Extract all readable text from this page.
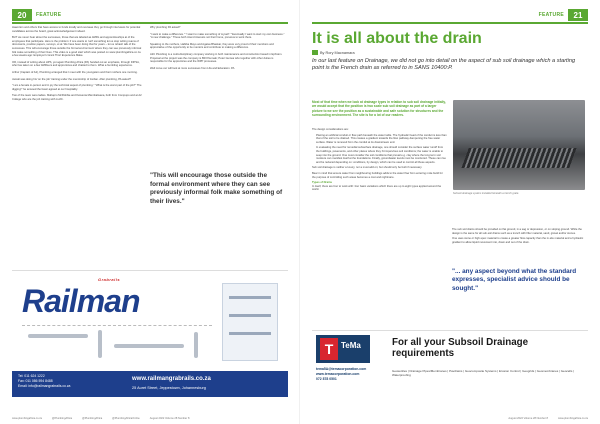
20	FEATURE

Haworton and others that have access to funds locally and overseas they go through interviews for potential candidates across the board, great acknowledgement indeed.

BUT we never hear about the successes, those that are labeled as AMRL and apprenticeships at of the employees that participate. Here is the problem: if one wants to 'sell' something let us stop writing reams of documents, position papers, surveys, et al. We have been doing that for years – let us rehash talk of the successes. This will encourage those outside the formal environment where they can see previously informal folk make something of their lives. This video is a good start which was posted on www.plumbingafrica.co.za a few weeks ago: Employer's Grant Thori Experience Make.

OR, instead of writing about HPS, yet again Plumbing Africa (PA) handed out an emphasis, through IOPSA, who has taken on a few AMRLers and apprentices and chatted to them. What a humbling experience.

Arthur (Captain of A2), Plumbing arranged that I meet with the youngsters and their mothers one morning.

Jamali was doing his 'on the job' training under the mentorship of Jordan. After plumbing, PA asked?

"I am a female in-person and in joy the technical aspect of plumbing." "What is the worst part of the job?" The digging!" he amused the basic agreed at our hospitality.

Two of the team were ladies. Mahapro McRobbie and Ketsenia Mtembalwana, both from Compupo and at A2 College who are the job training with LHJC.

Why plumbing PA asked?

"I want to make a difference." "I want to make something of myself." "Eventually I want to start my own business." "A new challenge." These both intend interests not their home, previous to work there.

Speaking to the mothers, Habiba Mayo and Agaisa Bhaskar, they were very proud of their members and appreciative of the opportunity to be mentors and contribute to making a difference.

A2C Plumbing is a multi-disciplinary company working in both maintenance and construction based in Ephraim. Proposal at the project was the company is Bill Khumalo; Peter Gunwa who together with other duties is responsible for the apprentices and the WPP processes.

Well move our will look at more successes from Lifa and Education. PA

"This will encourage those outside the formal environment where they can see previously informal folk make something of their lives."
Grabrails
Railman
Tel: 011 624 1222
Fax: 011 086 594 8488
Email: info@railmangrabrails.co.za
www.railmangrabrails.co.za
25 Auret Street, Jeppestown, Johannesburg
www.plumbingafrica.co.za	@PlumbingAfrica	@PlumbingAfrica	@PlumbingAfricaOnline	August 2022 Volume 28 Number 8
FEATURE	21
It is all about the drain
By Rory Macnamara
In our last feature on Drainage, we did not go into detail on the aspect of sub soil drainage which a starting point is the French drain as referred to in SANS 10400:P.
Most of that time when we look at drainage types in relation to sub soil drainage initially, we would accept that the position is two scale sub soil drainage as part of a larger picture to we see the position as a sustainable and safe solution for structures and the surrounding environment. The site is for a lot of our readers.
Subsoil drainage system installed beneath a trench grate.

The design considerations are:

Placing an artificial conduit or flow path beneath the water table. The hydraulic head of the conduit is less than that of the soil to be drained. This creates a gradient towards the flow pathway dampening the free water surface. Water is removed from the conduit at its downstream end.

In evaluating the need for remedial subsurface drainage, one should consider the surface water runoff from the buildings, pavements, and other places where they hit impervious soil conditions; the water is unable to seep into the ground. One must consider the soil conditions that prevail e.g. clay where the long term soil moisture can manifest itself at the foundations. Finally, groundwater levels must be monitored. These can rise and be reduced depending on: conditions, by design, which can be used to control all these aspects.

Sub soil drainage is neither a luxury, nor a must add on; but should only be built if necessary.

Bear in mind that ensure water from neighbouring buildings adds to the water flow from entering mole build for the purpose of controlling such areas becomes a cost and nightmare.

Types of Drains

In itself, there are four to work with: four basic variations which there are up to eight types applied around the world.

The sub soil drains should be provided on flat ground, in a sag or depression, or on sloping ground. While the design is the same for all sub-soil drains such as a trench with filter material, sand, gravel and/or stones.

One uses stone or high-spec material to create a greater flow capacity than the in-situ material and a hydraulic gradient to allow liquid movement into, down and out of the drain.

"... any aspect beyond what the standard expresses, specialist advice should be sought."
T TeMa
tema5A@temacorporation.com
www.temacorporation.com
072 878 0501
For all your Subsoil Drainage requirements
Geotextiles | Drainage Pipes/Membranes | Pavdrains | Geocomposite Systems | Erosion Control | Geogrids | Geomembranes | Geocells | Waterproofing
August 2022 Volume 28 Number 8	www.plumbingafrica.co.za
